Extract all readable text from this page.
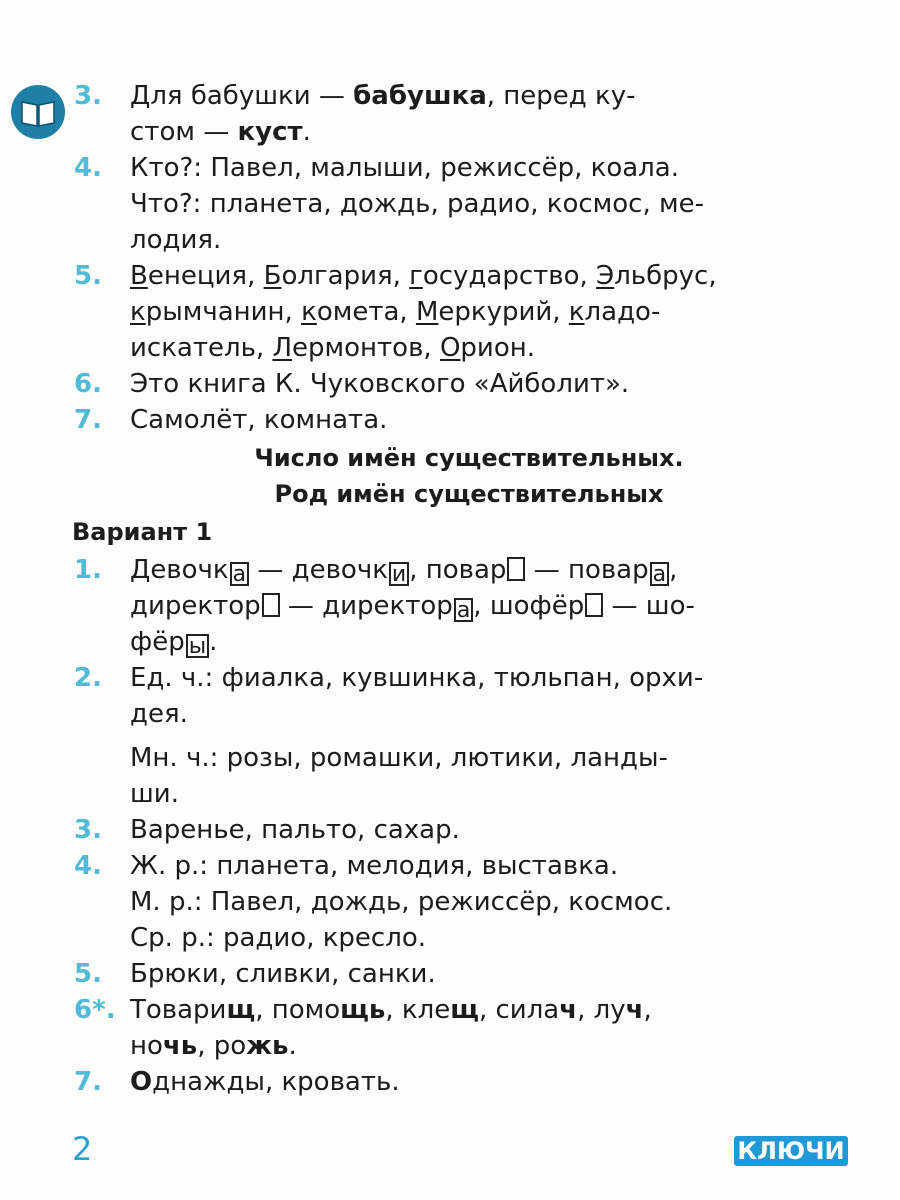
3.	Для бабушки — бабушка, перед ку-
стом — куст.
4.	Кто?: Павел, малыши, режиссёр, коала.
Что?: планета, дождь, радио, космос, ме-
лодия.
5.	Венеция, Болгария, государство, Эльбрус,
крымчанин, комета, Меркурий, кладо-
искатель, Лермонтов, Орион.
6.	Это книга К. Чуковского «Айболит».
7.	Самолёт, комната.
Число имён существительных.
Род имён существительных
Вариант 1
1.	Девочк а — девочк и , повар — повар а ,
директор — директор а , шофёр — шо-
фёр ы .
2.	Ед. ч.: фиалка, кувшинка, тюльпан, орхи-
дея.
Мн. ч.: розы, ромашки, лютики, ланды-
ши.
3.	Варенье, пальто, сахар.
4.	Ж. р.: планета, мелодия, выставка.
М. р.: Павел, дождь, режиссёр, космос.
Ср. р.: радио, кресло.
5.	Брюки, сливки, санки.
6*. Товарищ, помощь, клещ, силач, луч,
ночь, рожь.
7.	Однажды, кровать.
2	КЛЮЧИ
